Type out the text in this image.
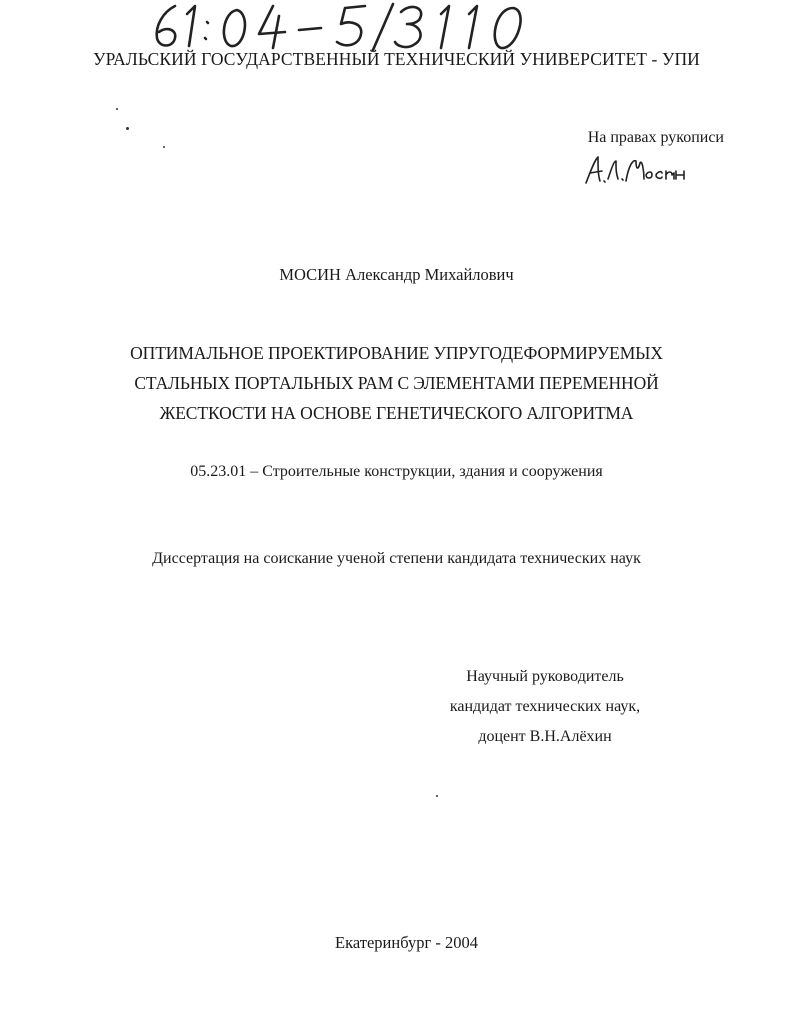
УРАЛЬСКИЙ ГОСУДАРСТВЕННЫЙ ТЕХНИЧЕСКИЙ УНИВЕРСИТЕТ - УПИ
На правах рукописи
МОСИН Александр Михайлович
ОПТИМАЛЬНОЕ ПРОЕКТИРОВАНИЕ УПРУГОДЕФОРМИРУЕМЫХ
СТАЛЬНЫХ ПОРТАЛЬНЫХ РАМ С ЭЛЕМЕНТАМИ ПЕРЕМЕННОЙ
ЖЕСТКОСТИ НА ОСНОВЕ ГЕНЕТИЧЕСКОГО АЛГОРИТМА
05.23.01 – Строительные конструкции, здания и сооружения
Диссертация на соискание ученой степени кандидата технических наук
Научный руководитель
кандидат технических наук,
доцент В.Н.Алёхин
Екатеринбург - 2004
